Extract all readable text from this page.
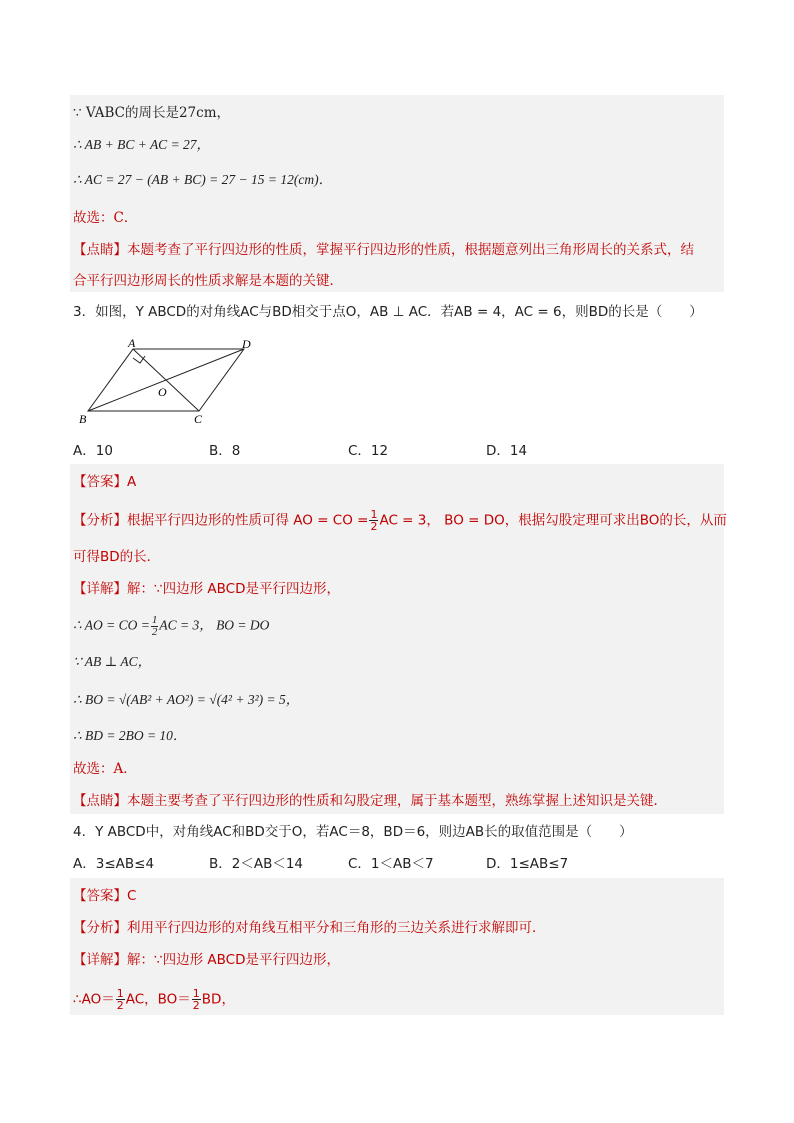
∵ VABC的周长是27cm，
∴ AB + BC + AC = 27，
∴ AC = 27 − (AB + BC) = 27 − 15 = 12(cm)．
故选：C．
【点睛】本题考查了平行四边形的性质，掌握平行四边形的性质，根据题意列出三角形周长的关系式，结
合平行四边形周长的性质求解是本题的关键．
3．如图，Y ABCD的对角线AC与BD相交于点O，AB ⊥ AC．若AB = 4，AC = 6，则BD的长是（　　）
A	D
B	C
O
A．10	B．8	C．12	D．14
【答案】A
【分析】根据平行四边形的性质可得 AO = CO = $\frac{1}{2}$ AC = 3， BO = DO，根据勾股定理可求出BO的长，从而
可得BD的长．
【详解】解：∵四边形 ABCD是平行四边形，
∴ AO = CO = $\frac{1}{2}$ AC = 3， BO = DO
∵ AB ⊥ AC，
∴ BO = √(AB² + AO²) = √(4² + 3²) = 5，
∴ BD = 2BO = 10．
故选：A．
【点睛】本题主要考查了平行四边形的性质和勾股定理，属于基本题型，熟练掌握上述知识是关键．
4．Y ABCD中，对角线AC和BD交于O，若AC＝8，BD＝6，则边AB长的取值范围是（　　）
A．3≤AB≤4	B．2＜AB＜14	C．1＜AB＜7	D．1≤AB≤7
【答案】C
【分析】利用平行四边形的对角线互相平分和三角形的三边关系进行求解即可．
【详解】解：∵四边形 ABCD是平行四边形，
∴AO＝ $\frac{1}{2}$ AC，$BO= \frac{1}{2}$ BD，
